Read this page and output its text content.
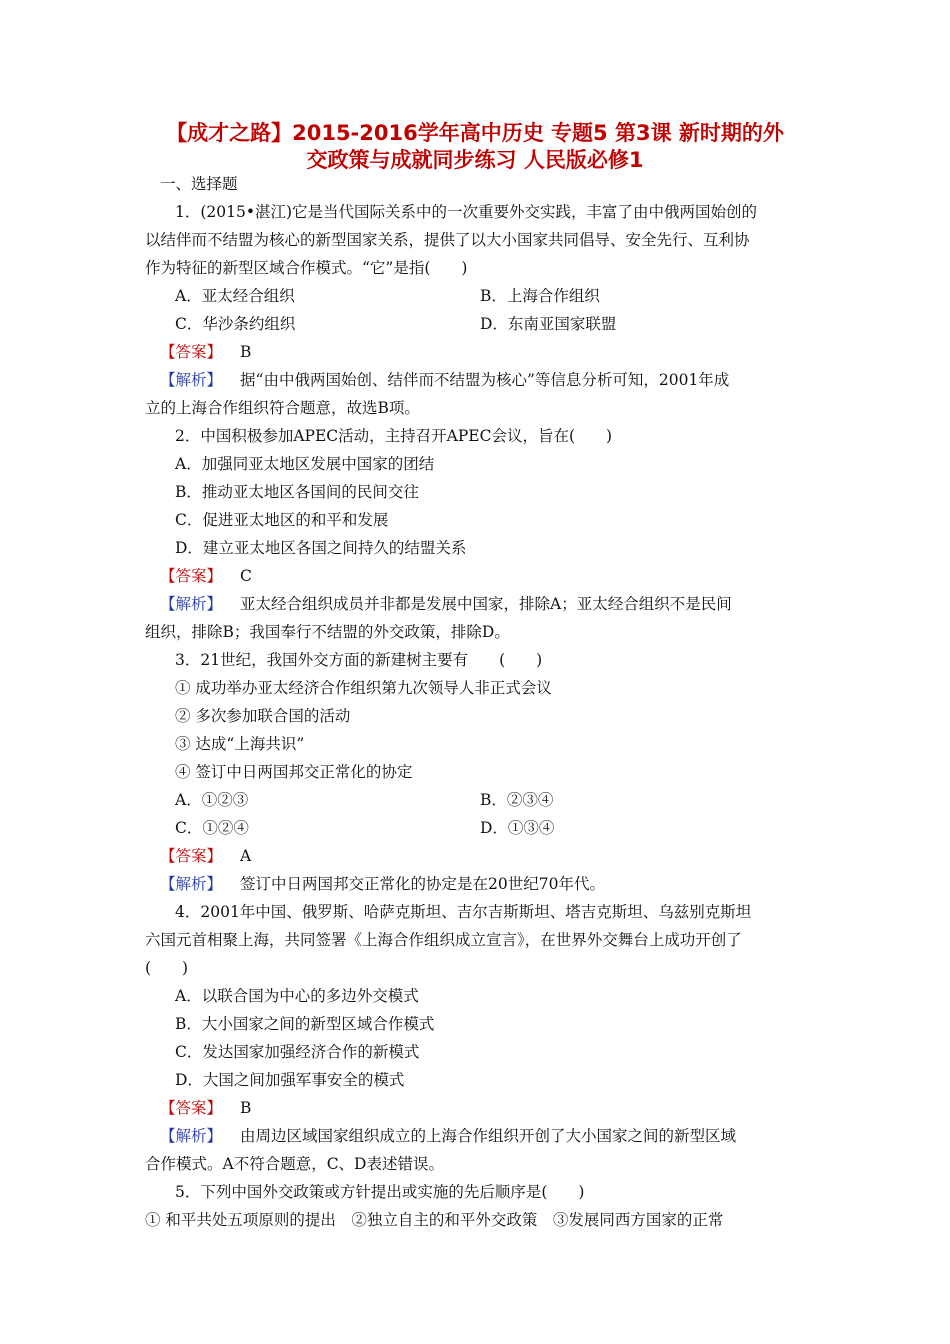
【成才之路】2015-2016学年高中历史 专题5 第3课 新时期的外
交政策与成就同步练习 人民版必修1
一、选择题
1．(2015•湛江)它是当代国际关系中的一次重要外交实践，丰富了由中俄两国始创的
以结伴而不结盟为核心的新型国家关系，提供了以大小国家共同倡导、安全先行、互利协
作为特征的新型区域合作模式。“它”是指(　　)
A．亚太经合组织	B．上海合作组织
C．华沙条约组织	D．东南亚国家联盟
【答案】 B
【解析】 据“由中俄两国始创、结伴而不结盟为核心”等信息分析可知，2001年成
立的上海合作组织符合题意，故选B项。
2．中国积极参加APEC活动，主持召开APEC会议，旨在(　　)
A．加强同亚太地区发展中国家的团结
B．推动亚太地区各国间的民间交往
C．促进亚太地区的和平和发展
D．建立亚太地区各国之间持久的结盟关系
【答案】 C
【解析】 亚太经合组织成员并非都是发展中国家，排除A；亚太经合组织不是民间
组织，排除B；我国奉行不结盟的外交政策，排除D。
3．21世纪，我国外交方面的新建树主要有　　(　　)
① 成功举办亚太经济合作组织第九次领导人非正式会议
② 多次参加联合国的活动
③ 达成“上海共识”
④ 签订中日两国邦交正常化的协定
A．①②③	B．②③④
C．①②④	D．①③④
【答案】 A
【解析】 签订中日两国邦交正常化的协定是在20世纪70年代。
4．2001年中国、俄罗斯、哈萨克斯坦、吉尔吉斯斯坦、塔吉克斯坦、乌兹别克斯坦
六国元首相聚上海，共同签署《上海合作组织成立宣言》，在世界外交舞台上成功开创了
(　　)
A．以联合国为中心的多边外交模式
B．大小国家之间的新型区域合作模式
C．发达国家加强经济合作的新模式
D．大国之间加强军事安全的模式
【答案】 B
【解析】 由周边区域国家组织成立的上海合作组织开创了大小国家之间的新型区域
合作模式。A不符合题意，C、D表述错误。
5．下列中国外交政策或方针提出或实施的先后顺序是(　　)
① 和平共处五项原则的提出　②独立自主的和平外交政策　③发展同西方国家的正常
